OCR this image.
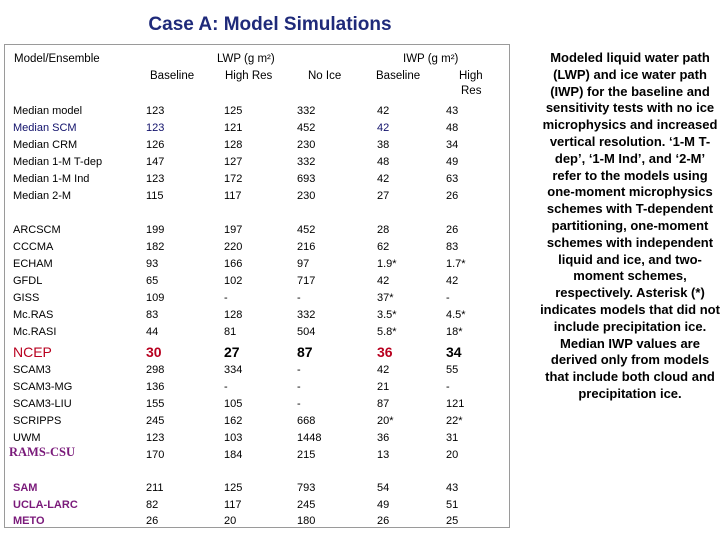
Case A: Model Simulations
Model/Ensemble	LWP (g m²)	IWP (g m²)
Baseline	High Res	No Ice	Baseline	High
Res
Median model	123	125	332	42	43
Median SCM	123	121	452	42	48
Median CRM	126	128	230	38	34
Median 1-M T-dep	147	127	332	48	49
Median 1-M Ind	123	172	693	42	63
Median 2-M	115	117	230	27	26
ARCSCM	199	197	452	28	26
CCCMA	182	220	216	62	83
ECHAM	93	166	97	1.9*	1.7*
GFDL	65	102	717	42	42
GISS	109	-	-	37*	-
Mc.RAS	83	128	332	3.5*	4.5*
Mc.RASI	44	81	504	5.8*	18*
NCEP	30	27	87	36	34
SCAM3	298	334	-	42	55
SCAM3-MG	136	-	-	21	-
SCAM3-LIU	155	105	-	87	121
SCRIPPS	245	162	668	20*	22*
UWM	123	103	1448	36	31
RAMS-CSU	170	184	215	13	20
SAM	211	125	793	54	43
UCLA-LARC	82	117	245	49	51
METO	26	20	180	26	25
Modeled liquid water path (LWP) and ice water path (IWP) for the baseline and sensitivity tests with no ice microphysics and increased vertical resolution. ‘1-M T-dep’, ‘1-M Ind’, and ‘2-M’ refer to the models using one-moment microphysics schemes with T-dependent partitioning, one-moment schemes with independent liquid and ice, and two-moment schemes, respectively. Asterisk (*) indicates models that did not include precipitation ice. Median IWP values are derived only from models that include both cloud and precipitation ice.
